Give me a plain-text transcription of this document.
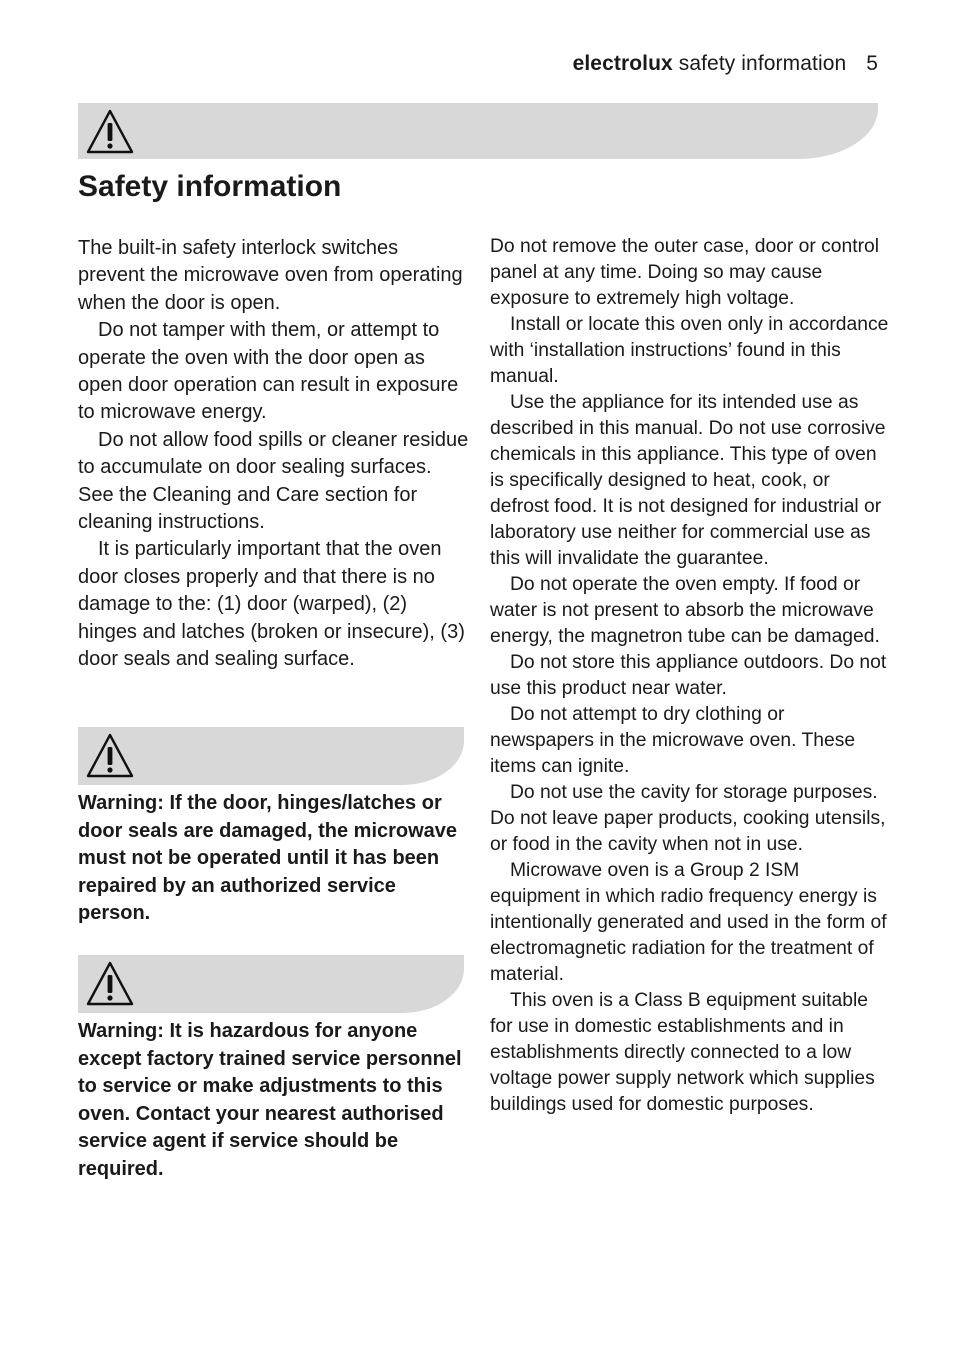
electrolux safety information 5
Safety information

The built-in safety interlock switches prevent the microwave oven from operating when the door is open.

Do not tamper with them, or attempt to operate the oven with the door open as open door operation can result in exposure to microwave energy.

Do not allow food spills or cleaner residue to accumulate on door sealing surfaces. See the Cleaning and Care section for cleaning instructions.

It is particularly important that the oven door closes properly and that there is no damage to the: (1) door (warped), (2) hinges and latches (broken or insecure), (3) door seals and sealing surface.

Warning: If the door, hinges/latches or door seals are damaged, the microwave must not be operated until it has been repaired by an authorized service person.

Warning: It is hazardous for anyone except factory trained service personnel to service or make adjustments to this oven. Contact your nearest authorised service agent if service should be required.

Do not remove the outer case, door or control panel at any time. Doing so may cause exposure to extremely high voltage.

Install or locate this oven only in accordance with ‘installation instructions’ found in this manual.

Use the appliance for its intended use as described in this manual. Do not use corrosive chemicals in this appliance. This type of oven is specifically designed to heat, cook, or defrost food. It is not designed for industrial or laboratory use neither for commercial use as this will invalidate the guarantee.

Do not operate the oven empty. If food or water is not present to absorb the microwave energy, the magnetron tube can be damaged.

Do not store this appliance outdoors. Do not use this product near water.

Do not attempt to dry clothing or newspapers in the microwave oven. These items can ignite.

Do not use the cavity for storage purposes. Do not leave paper products, cooking utensils, or food in the cavity when not in use.

Microwave oven is a Group 2 ISM equipment in which radio frequency energy is intentionally generated and used in the form of electromagnetic radiation for the treatment of material.

This oven is a Class B equipment suitable for use in domestic establishments and in establishments directly connected to a low voltage power supply network which supplies buildings used for domestic purposes.
